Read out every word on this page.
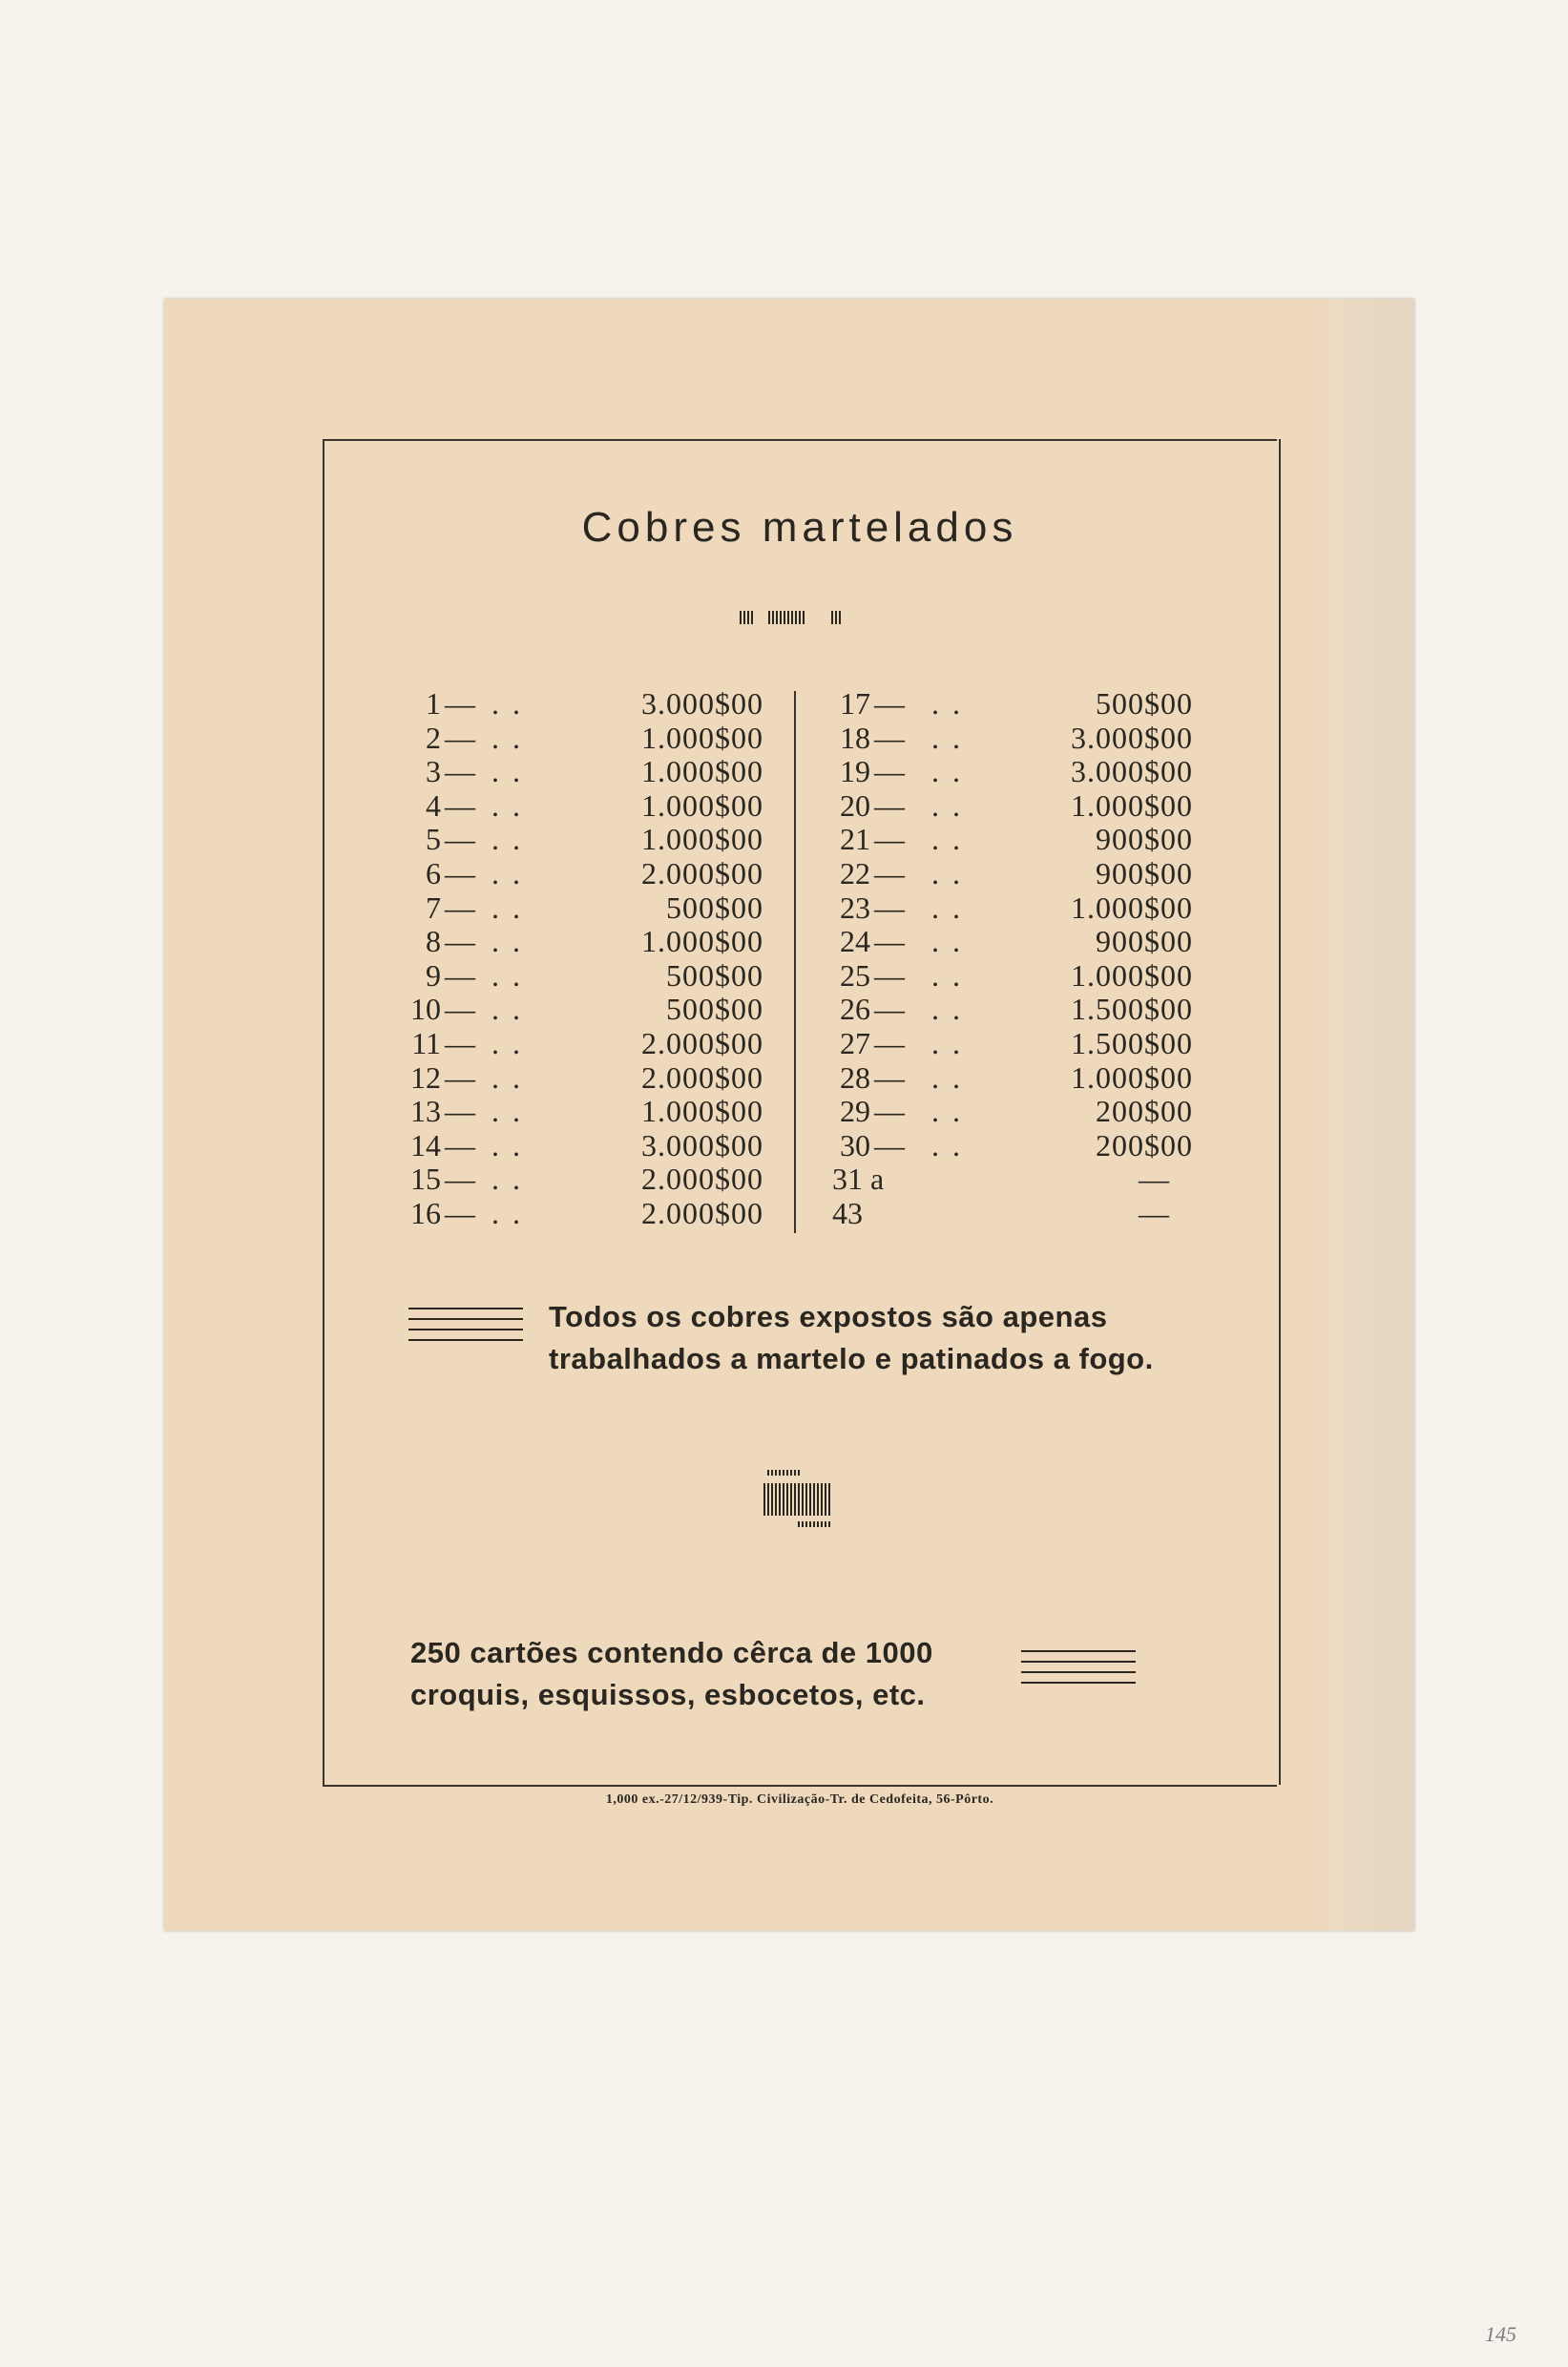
Cobres martelados
1 — ..	3.000$00
2 — ..	1.000$00
3 — ..	1.000$00
4 — ..	1.000$00
5 — ..	1.000$00
6 — ..	2.000$00
7 — ..	500$00
8 — ..	1.000$00
9 — ..	500$00
10 — ..	500$00
11 — ..	2.000$00
12 — ..	2.000$00
13 — ..	1.000$00
14 — ..	3.000$00
15 — ..	2.000$00
16 — ..	2.000$00
17 — ..	500$00
18 — ..	3.000$00
19 — ..	3.000$00
20 — ..	1.000$00
21 — ..	900$00
22 — ..	900$00
23 — ..	1.000$00
24 — ..	900$00
25 — ..	1.000$00
26 — ..	1.500$00
27 — ..	1.500$00
28 — ..	1.000$00
29 — ..	200$00
30 — ..	200$00
31 a	—
43	—
Todos os cobres expostos são apenas
trabalhados a martelo e patinados a fogo.
250 cartões contendo cêrca de 1000
croquis, esquissos, esbocetos, etc.
1,000 ex.-27/12/939-Tip. Civilização-Tr. de Cedofeita, 56-Pôrto.
145
